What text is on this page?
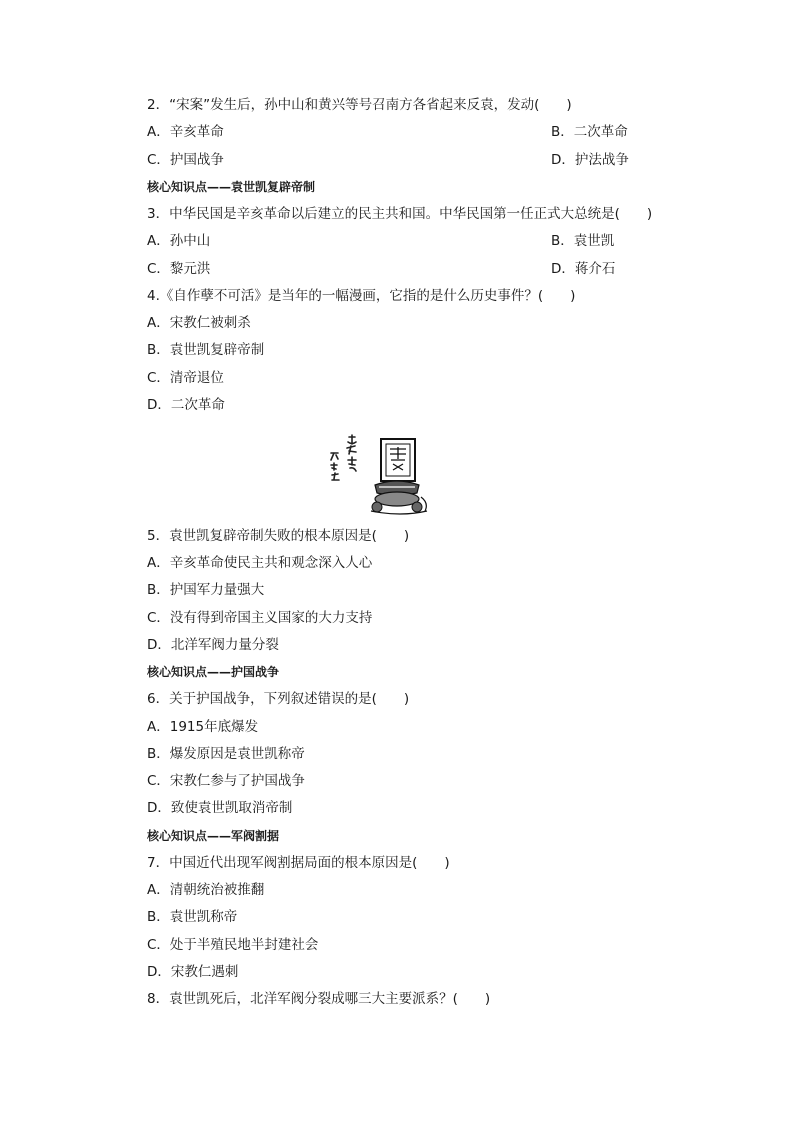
2．“宋案”发生后，孙中山和黄兴等号召南方各省起来反袁，发动(　　)
A．辛亥革命	B．二次革命
C．护国战争	D．护法战争
核心知识点——袁世凯复辟帝制
3．中华民国是辛亥革命以后建立的民主共和国。中华民国第一任正式大总统是(　　)
A．孙中山	B．袁世凯
C．黎元洪	D．蒋介石
4.《自作孽不可活》是当年的一幅漫画，它指的是什么历史事件？(　　)
A．宋教仁被刺杀
B．袁世凯复辟帝制
C．清帝退位
D．二次革命
5．袁世凯复辟帝制失败的根本原因是(　　)
A．辛亥革命使民主共和观念深入人心
B．护国军力量强大
C．没有得到帝国主义国家的大力支持
D．北洋军阀力量分裂
核心知识点——护国战争
6．关于护国战争，下列叙述错误的是(　　)
A．1915年底爆发
B．爆发原因是袁世凯称帝
C．宋教仁参与了护国战争
D．致使袁世凯取消帝制
核心知识点——军阀割据
7．中国近代出现军阀割据局面的根本原因是(　　)
A．清朝统治被推翻
B．袁世凯称帝
C．处于半殖民地半封建社会
D．宋教仁遇刺
8．袁世凯死后，北洋军阀分裂成哪三大主要派系？(　　)
